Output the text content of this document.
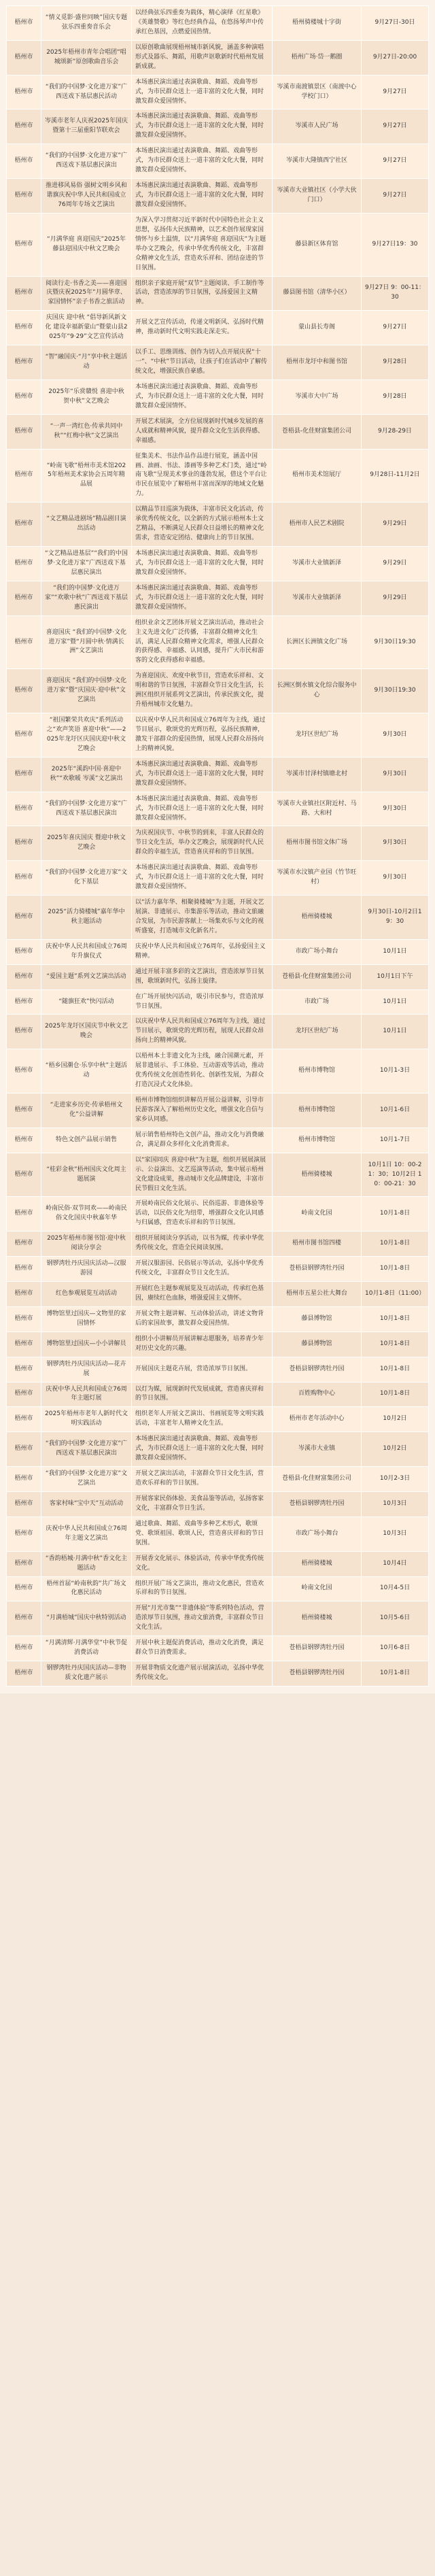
梧州市	“情义觅影·盛世同映”国庆专题弦乐四重奏音乐会	以经典弦乐四重奏为载体，精心演绎《红星歌》《英雄赞歌》等红色经典作品，在悠扬琴声中传承红色基因，点燃爱国热情。	梧州骑楼城十字街	9月27日-30日
梧州市	2025年梧州市青年合唱团“唱城颂新”原创歌曲音乐会	以原创歌曲展现梧州城市新风貌，涵盖多种演唱形式及器乐、舞蹈，用歌声讴歌新时代梧州发展新成就。	梧州广场·岱一鹅圈	9月27日-20:00
梧州市	“我们的中国梦·文化进万家”广西送戏下基层惠民活动	本场惠民演出通过表演歌曲、舞蹈、戏曲等形式，为市民群众送上一道丰富的文化大餐，同时激发群众爱国情怀。	岑溪市南渡镇景区（南渡中心学校门口）	9月27日
梧州市	岑溪市老年人庆祝2025年国庆暨第十三届重阳节联欢会	本场惠民演出通过表演歌曲、舞蹈、戏曲等形式，为市民群众送上一道丰富的文化大餐，同时激发群众爱国情怀。	岑溪市人民广场	9月27日
梧州市	“我们的中国梦·文化进万家”广西送戏下基层惠民演出	本场惠民演出通过表演歌曲、舞蹈、戏曲等形式，为市民群众送上一道丰富的文化大餐，同时激发群众爱国情怀。	岑溪市大隆镇西宁社区	9月27日
梧州市	推进移风易俗 强树文明乡风和谐旗庆祝中华人民共和国成立76周年专场文艺演出	本场惠民演出通过表演歌曲、舞蹈、戏曲等形式，为市民群众送上一道丰富的文化大餐，同时激发群众爱国情怀。	岑溪市大业镇社区（小学大伙门口）	9月27日
梧州市	“月满华庭 喜迎国庆”2025年藤县迎国庆中秋文艺晚会	为深入学习贯彻习近平新时代中国特色社会主义思想，弘扬伟大民族精神，以艺术创作展现家国情怀与乡土温情，以“月满华庭 喜迎国庆”为主题举办文艺晚会，传承中华优秀传统文化，丰富群众精神文化生活，营造欢乐祥和、团结奋进的节日氛围。	藤县新区体育馆	9月27日19：30
梧州市	阅读行走·书香之美——喜迎国庆暨庆祝2025年“月圆华章、家国情怀”亲子书香之旅活动	组织亲子家庭开展“双节”主题阅读、手工制作等活动，营造浓厚的节日氛围，弘扬爱国主义精神。	藤县图书馆（清华小区）	9月27日 9：00-11：30
梧州市	庆国庆 迎中秋 “倡导新风新文化 建设幸福新蒙山”暨蒙山县2025年“9·29”文艺宣传活动	开展文艺宣传活动，传递文明新风、弘扬时代精神，推动新时代文明实践走深走实。	蒙山县长寿阁	9月27日
梧州市	“智”融国庆·“月”享中秋主题活动	以手工、思维训练、创作为切入点开展庆祝“十一”、“中秋”节日活动，让孩子们在活动中了解传统文化，增强民族自豪感。	梧州市龙圩中和图书馆	9月28日
梧州市	2025年“乐赏赣悦 喜迎中秋 贺中秋”文艺晚会	本场惠民演出通过表演歌曲、舞蹈、戏曲等形式，为市民群众送上一道丰富的文化大餐，同时激发群众爱国情怀。	岑溪市大中广场	9月28日
梧州市	“一声一湾红色·传承共同中秋”“红梅中秋”文艺演出	开展艺术展演，全方位展现新时代城乡发展的喜人成就和精神风貌，提升群众文化生活获得感、幸福感。	苍梧县-化佳财富集团公司	9月28-29日
梧州市	“岭南飞歌”梧州市美术馆2025年梧州美术家协会五周年精品展	征集美术、书法作品作品进行展览，涵盖中国画、油画、书法、漆画等多种艺术门类，通过“岭南飞歌”呈现美术事业的蓬勃发展，借这个平台让市民在展览中了解梧州丰富而深厚的地域文化魅力。	梧州市美术馆展厅	9月28日-11月2日
梧州市	“文艺精品进剧场”精品剧目演出活动	以精品节目巡演为载体，丰富市民文化活动，传承优秀传统文化，以全新的方式展示梧州本土文艺精品，不断满足人民群众日益增长的精神文化需求，营造安定团结、健康向上的节日氛围。	梧州市人民艺术剧院	9月29日
梧州市	“文艺精品进基层”“我们的中国梦·文化进万家”广西送戏下基层惠民演出	本场惠民演出通过表演歌曲、舞蹈、戏曲等形式，为市民群众送上一道丰富的文化大餐，同时激发群众爱国情怀。	岑溪市大业镇新泽	9月29日
梧州市	“我们的中国梦·文化进万家”“欢歌中秋”广西送戏下基层惠民演出	本场惠民演出通过表演歌曲、舞蹈、戏曲等形式，为市民群众送上一道丰富的文化大餐，同时激发群众爱国情怀。	岑溪市大业镇新泽	9月29日
梧州市	喜迎国庆 “我们的中国梦·文化进万家”暨“月圆中秋·情满长洲”文艺演出	组织业余文艺团体开展文艺演出活动，推动社会主义先进文化广泛传播，丰富群众精神文化生活，满足人民群众精神文化需求，增强人民群众的获得感、幸福感、认同感，提升广大市民和游客的文化获得感和幸福感。	长洲区长洲镇文化广场	9月30日19:30
梧州市	喜迎国庆 “我们的中国梦·文化进万家”暨“庆国庆·迎中秋”文艺演出	为喜迎国庆、欢度中秋节日，营造欢乐祥和、文明和谐的节日氛围，丰富群众节日文化生活，长洲区组织开展系列文艺演出，传承民族文化，提升梧州城市文化魅力。	长洲区倒水镇文化综合服务中心	9月30日19:30
梧州市	“祖国繁荣共欢庆”系列活动之“欢声笑语 喜迎中秋”——2025年龙圩区庆国庆迎中秋文艺晚会	以庆祝中华人民共和国成立76周年为主线，通过节目展示，歌颂党的光辉历程，弘扬民族精神，激发干部群众的爱国热情，展现人民群众昂扬向上的精神风貌。	龙圩区世纪广场	9月30日
梧州市	2025年“溪韵中国·喜迎中秋”“欢歌暖 岑溪”文艺演出	本场惠民演出通过表演歌曲、舞蹈、戏曲等形式，为市民群众送上一道丰富的文化大餐，同时激发群众爱国情怀。	岑溪市甘泽村镇塘北村	9月30日
梧州市	“我们的中国梦·文化进万家”广西送戏下基层惠民演出	本场惠民演出通过表演歌曲、舞蹈、戏曲等形式，为市民群众送上一道丰富的文化大餐，同时激发群众爱国情怀。	岑溪市大业镇社区附近村、马路、大和村	9月30日
梧州市	2025年喜庆国庆 暨迎中秋文艺晚会	为庆祝国庆节、中秋节的到来，丰富人民群众的节日文化生活，举办文艺晚会，展现新时代人民群众的幸福生活，营造喜庆祥和的节日氛围。	梧州市图书馆文体广场	9月30日
梧州市	“我们的中国梦·文化进万家”文化下基层	本场惠民演出通过表演歌曲、舞蹈、戏曲等形式，为市民群众送上一道丰富的文化大餐，同时激发群众爱国情怀。	岑溪市水汶镇产业园（竹节旺村）	9月30日
梧州市	2025“活力骑楼城”嘉年华中秋主题活动	以“活力嘉年华、相聚骑楼城”为主题，开展文艺展演、非遗展示、市集游乐等活动，推动文旅融合发展，为市民游客献上一场集欢乐与文化的视听盛宴，打造城市文化新名片。	梧州骑楼城	9月30日-10月2日19：30
梧州市	庆祝中华人民共和国成立76周年升旗仪式	庆祝中华人民共和国成立76周年，弘扬爱国主义精神。	市政广场小舞台	10月1日
梧州市	“爱国主题”系列文艺演出活动	通过开展丰富多彩的文艺演出，营造浓厚节日氛围，歌颂新时代，弘扬主旋律。	苍梧县·化佳财富集团公司	10月1日下午
梧州市	“随旗狂欢”快闪活动	在广场开展快闪活动，吸引市民参与，营造浓厚节日氛围。	市政广场	10月1日
梧州市	2025年龙圩区国庆节中秋文艺晚会	以庆祝中华人民共和国成立76周年为主线，通过节目展示，歌颂党的光辉历程，展现人民群众昂扬向上的精神风貌。	龙圩区世纪广场	10月1日
梧州市	“梧乡国潮仓·乐享中秋”主题活动	以梧州本土非遗文化为主线，融合国潮元素，开展非遗展示、手工体验、互动游戏等活动，推动优秀传统文化创造性转化、创新性发展，为群众打造沉浸式文化体验。	梧州市博物馆	10月1-3日
梧州市	“走进家乡历史·传承梧州文化”公益讲解	梧州市博物馆组织讲解员开展公益讲解，引导市民游客深入了解梧州历史文化，增强文化自信与家乡认同感。	梧州市博物馆	10月1-6日
梧州市	特色文创产品展示销售	展示销售梧州特色文创产品，推动文化与消费融合，满足群众多样化文化消费需求。	梧州市博物馆	10月1-7日
梧州市	“桂彩金秋”梧州国庆文化周主题展演	以“家国同庆 喜迎中秋”为主题，组织开展展演展示、公益演出、文艺巡演等活动，集中展示梧州文化建设成果，推动城市文化品牌建设，丰富市民节假日文化生活。	梧州骑楼城	10月1日 10：00-21：30；10月2日 10：00-21：30
梧州市	岭南民俗·双节同欢——岭南民俗文化国庆中秋嘉年华	开展岭南民俗文化展示、民俗巡游、非遗体验等活动，以民俗文化为纽带，增强群众文化认同感与归属感，营造欢乐祥和的节日氛围。	岭南文化园	10月1-8日
梧州市	2025年梧州市图书馆·迎中秋阅读分享会	组织开展阅读分享活动，以书为媒，传承中华优秀传统文化，营造全民阅读氛围。	梧州市图书馆四楼	10月1-8日
梧州市	钢锣湾牡丹庆国庆活动—汉服游园	开展汉服游园、民俗展示等活动，弘扬中华优秀传统文化，丰富群众节日文化生活。	苍梧县钢锣湾牡丹园	10月1-8日
梧州市	红色参观展览互动活动	开展红色主题参观展览及互动活动，传承红色基因，赓续红色血脉，增强爱国主义情怀。	梧州市五星公社大舞台	10月1-8日（11:00）
梧州市	博物馆里过国庆—文物里的家国情怀	开展文物主题讲解、互动体验活动，讲述文物背后的家国故事，激发群众爱国热情。	藤县博物馆	10月1-8日
梧州市	博物馆里过国庆—小小讲解员	组织小小讲解员开展讲解志愿服务，培养青少年对历史文化的兴趣。	藤县博物馆	10月1-8日
梧州市	钢锣湾牡丹庆国庆活动—花卉展	开展国庆主题花卉展，营造浓厚节日氛围。	苍梧县钢锣湾牡丹园	10月1-8日
梧州市	庆祝中华人民共和国成立76周年主题灯展	以灯为媒，展现新时代发展成就，营造喜庆祥和的节日氛围。	百姓购物中心	10月1-8日
梧州市	2025年梧州市老年人新时代文明实践活动	组织老年人开展文艺演出、书画展览等文明实践活动，丰富老年人精神文化生活。	梧州市老年活动中心	10月2日
梧州市	“我们的中国梦·文化进万家”广西送戏下基层惠民演出	本场惠民演出通过表演歌曲、舞蹈、戏曲等形式，为市民群众送上一道丰富的文化大餐，同时激发群众爱国情怀。	岑溪市大业镇	10月2日
梧州市	“我们的中国梦·文化进万家”文艺演出	开展文艺演出活动，丰富群众节日文化生活，营造欢乐祥和的节日氛围。	苍梧县·化佳财富集团公司	10月2-3日
梧州市	客家村味“宝中天”互动活动	开展客家民俗体验、美食品鉴等活动，弘扬客家文化，丰富群众节日生活。	苍梧县钢锣湾牡丹园	10月3日
梧州市	庆祝中华人民共和国成立76周年主题文艺演出	通过歌曲、舞蹈、戏曲等多种艺术形式，歌颂党、歌颂祖国、歌颂人民，营造喜庆祥和的节日氛围。	市政广场小舞台	10月3日
梧州市	“香韵梧城·月满中秋”香文化主题活动	开展香文化展示、体验活动，传承中华优秀传统文化。	梧州骑楼城	10月4日
梧州市	梧州首届“岭南秋韵”共广场文化惠民活动	组织开展广场文艺演出，推动文化惠民，营造欢乐祥和的节日氛围。	岭南文化园	10月4-5日
梧州市	“月满梧城”国庆中秋特别活动	开展“月光市集”“非遗体验”等系列特色活动，营造浓厚节日氛围，推动文旅消费，丰富群众节日文化生活。	梧州骑楼城	10月5-6日
梧州市	“月满清辉·月满华堂”中秋节促消费活动	开展中秋主题促消费活动，推动文化消费，满足群众节日消费需求。	苍梧县钢锣湾牡丹园	10月6-8日
梧州市	钢锣湾牡丹庆国庆活动—非物质文化遗产展示	开展非物质文化遗产展示展演活动，弘扬中华优秀传统文化。	苍梧县钢锣湾牡丹园	10月1-8日
